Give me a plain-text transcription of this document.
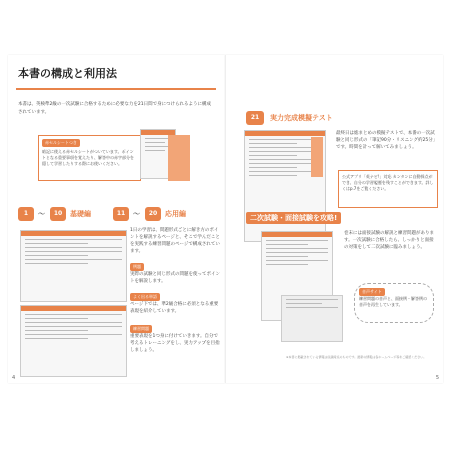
本書の構成と利用法
本書は、英検準2級の一次試験に合格するために必要な力を21日間で身につけられるように構成されています。
赤セルシートつき
暗記に使える赤セルシートがついています。ポイントとなる重要事項を覚えたり、解答中の赤字部分を隠して学習したりする際にお使いください。
1	〜	10	基礎編	11	〜	20	応用編
1日の学習は、問題形式ごとに解き方のポイントを解説するページと、そこで学んだことを実践する練習問題のページで構成されています。
例題
実際の試験と同じ形式の問題を使ってポイントを解説します。
よく出る単語
ページ下では、準2級合格に必須となる重要表現を紹介しています。
練習問題
重要表現を1つ身に付けていきます。自分で考えるトレーニングをし、実力アップを目指しましょう。
4
21	実力完成模擬テスト
最終日は総まとめの模擬テストで、本番の一次試験と同じ形式の「筆記90分・リスニング約25分」です。時間を計って解いてみましょう。
公式アプリ「英ナビ!」対応 カンタンに自動採点ができ、自分の学習履歴を残すことができます。詳しくはp.7をご覧ください。
二次試験・面接試験を攻略!
巻末には面接試験の解説と練習問題があります。一次試験に合格したら、しっかりと面接の対策をして二次試験に臨みましょう。
音声サイト
練習問題の音声と、面接例・解答例の音声を再生しています。
※本書に掲載されている情報は収録時点のものです。最新の情報は各ホームページ等をご確認ください。
5
